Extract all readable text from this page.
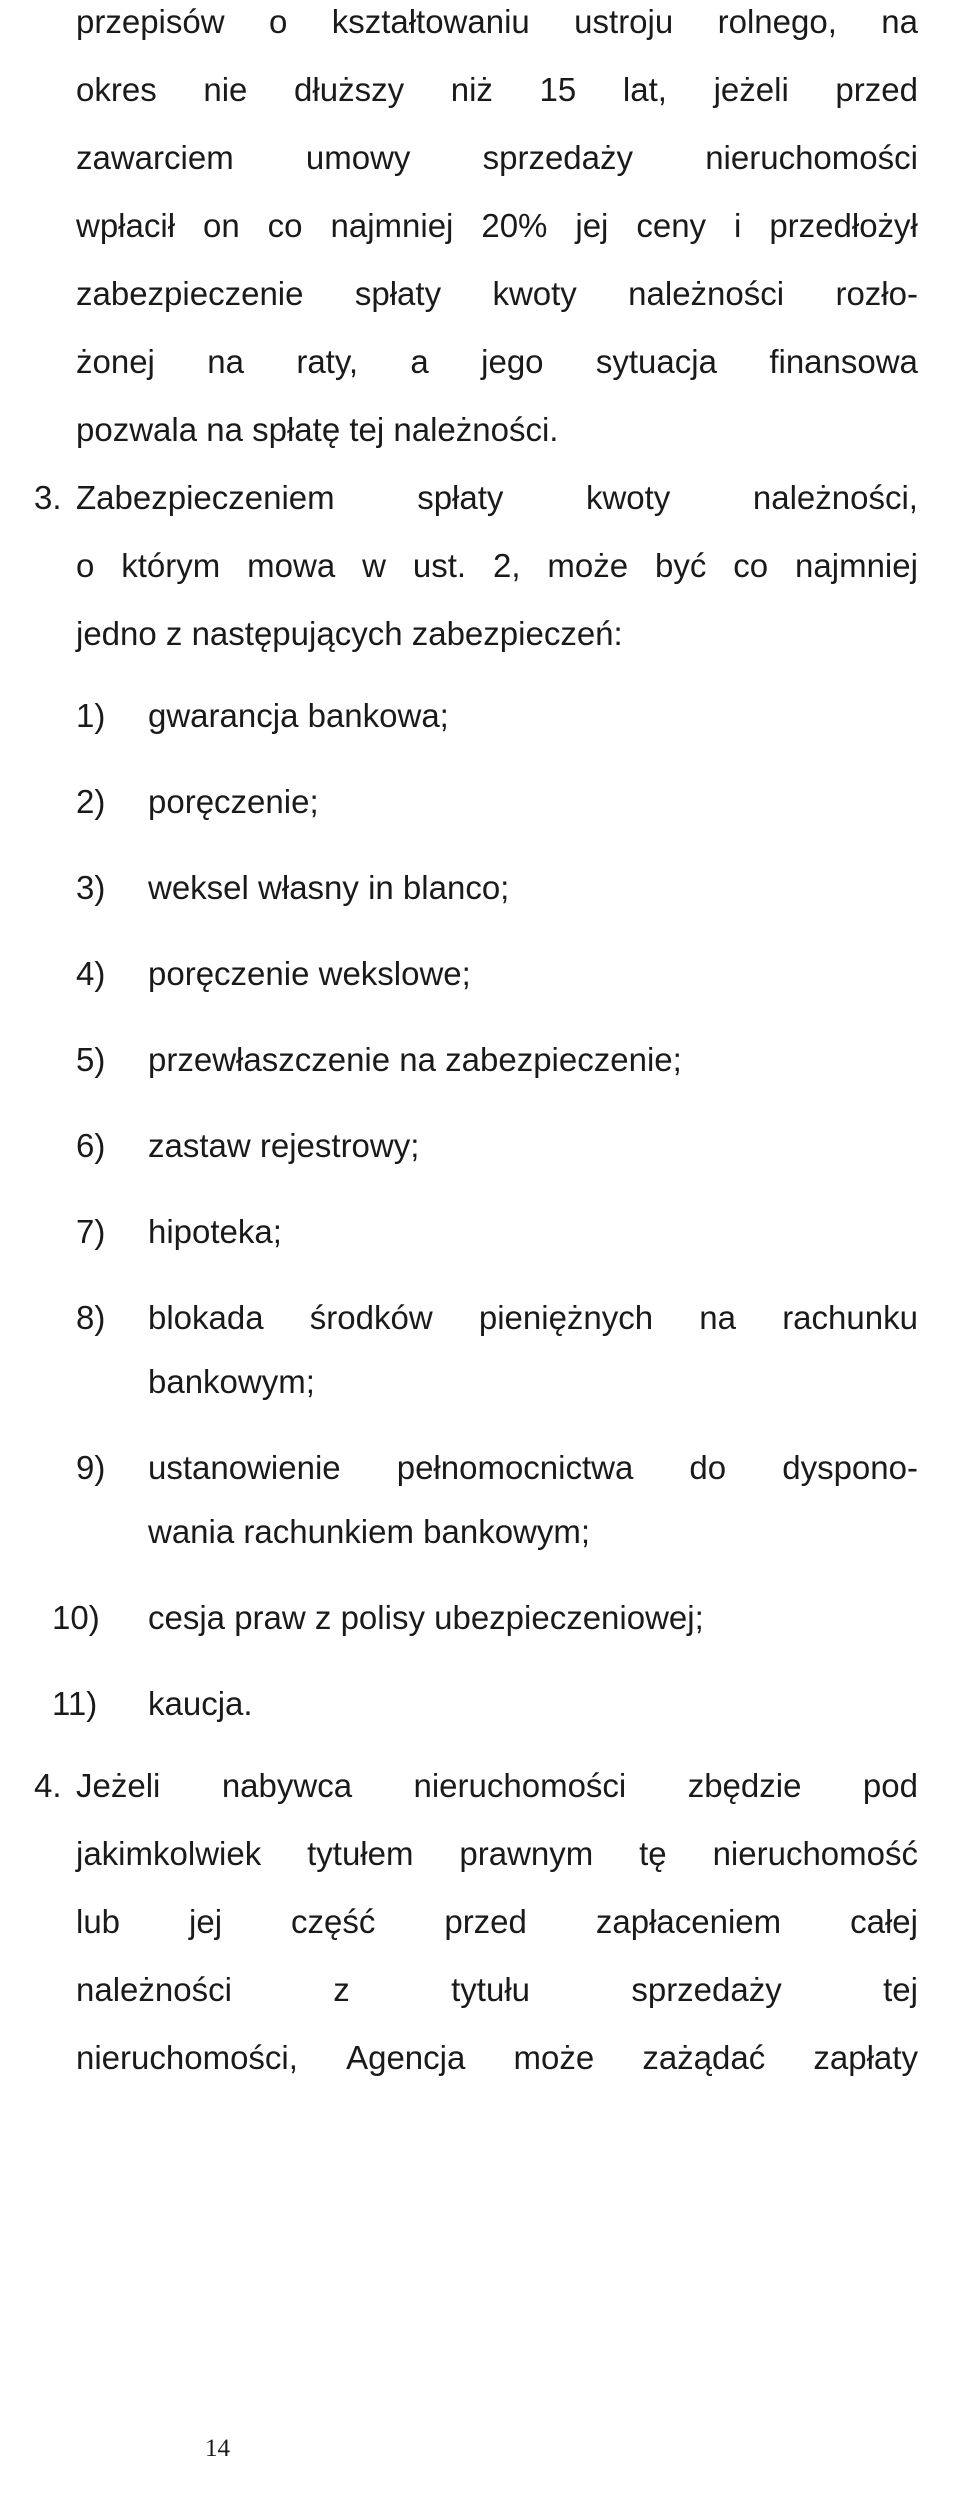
przepisów o kształtowaniu ustroju rolnego, na
okres nie dłuższy niż 15 lat, jeżeli przed
zawarciem umowy sprzedaży nieruchomości
wpłacił on co najmniej 20% jej ceny i przedłożył
zabezpieczenie spłaty kwoty należności rozło-
żonej na raty, a jego sytuacja finansowa
pozwala na spłatę tej należności.
3. Zabezpieczeniem	spłaty	kwoty	należności,
o którym mowa w ust. 2, może być co najmniej
jedno z następujących zabezpieczeń:
1) gwarancja bankowa;
2) poręczenie;
3) weksel własny in blanco;
4) poręczenie wekslowe;
5) przewłaszczenie na zabezpieczenie;
6) zastaw rejestrowy;
7) hipoteka;
8) blokada środków pieniężnych na rachunku
bankowym;
9) ustanowienie pełnomocnictwa do dyspono-
wania rachunkiem bankowym;
10) cesja praw z polisy ubezpieczeniowej;
11) kaucja.
4. Jeżeli nabywca nieruchomości zbędzie pod
jakimkolwiek tytułem prawnym tę nieruchomość
lub jej część przed zapłaceniem całej
należności	z	tytułu	sprzedaży	tej
nieruchomości, Agencja może zażądać zapłaty
14
